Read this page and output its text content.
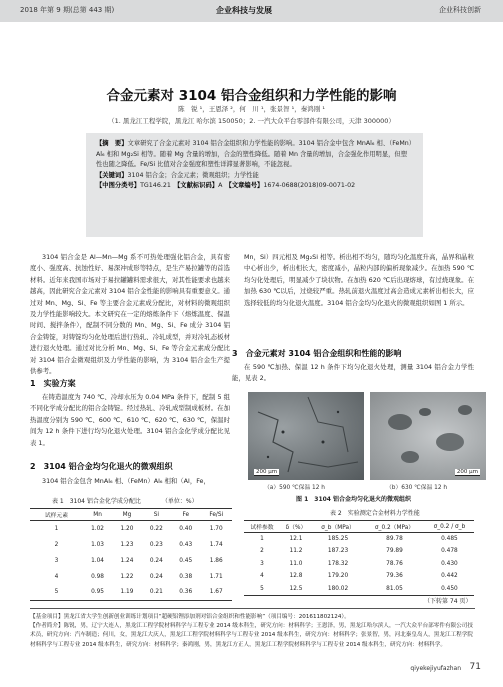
2018 年第 9 期(总第 443 期)	企业科技与发展	企业科技创新
合金元素对 3104 铝合金组织和力学性能的影响
陈　锐 ¹，王恩泽 ²，何　川 ¹，张景智 ¹，秦鸿刚 ¹
（1. 黑龙江工程学院，黑龙江 哈尔滨 150050；2. 一汽大众平台零部件有限公司，天津 300000）

【摘　要】文章研究了合金元素对 3104 铝合金组织和力学性能的影响。3104 铝合金中包含 MnAl₆ 相、（FeMn）Al₆ 相和 Mg₂Si 相等。随着 Mg 含量的增加，合金的塑性降低。随着 Mn 含量的增加，合金强化作用明显，但塑性也随之降低。Fe/Si 比值对合金强度和塑性详滞显著影响，不能忽视。

【关键词】3104 铝合金；合金元素；微观组织；力学性能

【中图分类号】TG146.21　 【文献标识码】A　 【文章编号】1674-0688(2018)09-0071-02

3104 铝合金是 Al—Mn—Mg 系不可热处理强化铝合金，具有密度小、强度高、抗蚀性好、易深冲成形等特点，是生产易拉罐等的首选材料。近年来我国市场对于易拉罐罐料需求很大，对其性能要求也越来越高，因此研究合金元素对 3104 铝合金性能的影响具有重要意义。通过对 Mn、Mg、Si、Fe 等主要合金元素成分配比，对材料的微观组织及力学性能影响较大。本文研究在一定的熔炼条件下（熔炼温度、保温时间、搅拌条件），配制不同分数的 Mn、Mg、Si、Fe 成分 3104 铝合金铸锭，对铸锭均匀化处理后进行热轧、冷轧成型，并对冷轧态板材进行退火处理。通过对比分析 Mn、Mg、Si、Fe 等合金元素成分配比对 3104 铝合金微观组织及力学性能的影响，为 3104 铝合金生产提供参考。

1　实验方案

在铸造温度为 740 ℃、冷却水压为 0.04 MPa 条件下，配制 5 组不同化学成分配比的铝合金铸锭。经过热轧、冷轧成型制成板材。在加热温度分别为 590 ℃、600 ℃、610 ℃、620 ℃、630 ℃，保温时间为 12 h 条件下进行均匀化退火处理。3104 铝合金化学成分配比见表 1。

2　3104 铝合金均匀化退火的微观组织

3104 铝合金包含 MnAl₆ 相、（FeMn）Al₆ 相和（Al，Fe，

表 1　3104 铝合金化学成分配比　　　　（单位：%）
试样元素	Mn	Mg	Si	Fe	Fe/Si
1	1.02	1.20	0.22	0.40	1.70
2	1.03	1.23	0.23	0.43	1.74
3	1.04	1.24	0.24	0.45	1.86
4	0.98	1.22	0.24	0.38	1.71
5	0.95	1.19	0.21	0.36	1.67

Mn，Si）四元相及 Mg₂Si 相等。析出相不均匀，随均匀化温度升高，晶界和晶粒中心析出少，析出相长大，密度减小，晶粒内部的偏析现象减少。在加热 590 ℃均匀化处理后，明显减少了块状物。在加热 620 ℃后出现熔球，有过烧现象。在加热 630 ℃以后，过烧较严重。热轧前退火温度过高会造成元素析出相长大，应选择较低的均匀化退火温度。3104 铝合金均匀化退火的微观组织如图 1 所示。

3　合金元素对 3104 铝合金组织和性能的影响

在 590 ℃加热、保温 12 h 条件下均匀化退火处理，测量 3104 铝合金力学性能，见表 2。

200 μm	200 μm
（a）590 ℃保温 12 h	（b）630 ℃保温 12 h
图 1　3104 铝合金均匀化退火的微观组织
表 2　实验测定合金材料力学性能
试样参数	δ（%）	σ_b（MPa）	σ_0.2（MPa）	σ_0.2 / σ_b
1	12.1	185.25	89.78	0.485
2	11.2	187.23	79.89	0.478
3	11.0	178.32	78.76	0.430
4	12.8	179.20	79.36	0.442
5	12.5	180.02	81.05	0.450
（下转第 74 页）

【基金项目】黑龙江省大学生创新创业训练计划项目“超硬铝锂添加剂对铝合金组织和性能影响”（项目编号：201611802124）。

【作者简介】陈锐，男，辽宁大连人，黑龙江工程学院材料科学与工程专业 2014 级本科生，研究方向：材料科学；王恩泽，男，黑龙江哈尔滨人，一汽大众平台部零件有限公司技术员，研究方向：汽车制造；何川，女，黑龙江大庆人，黑龙江工程学院材料科学与工程专业 2014 级本科生，研究方向：材料科学；张景智，男，河北秦皇岛人，黑龙江工程学院材料科学与工程专业 2014 级本科生，研究方向：材料科学；秦鸿刚，男，黑龙江方正人，黑龙江工程学院材料科学与工程专业 2014 级本科生，研究方向：材料科学。

qiyekejiyufazhan 71
